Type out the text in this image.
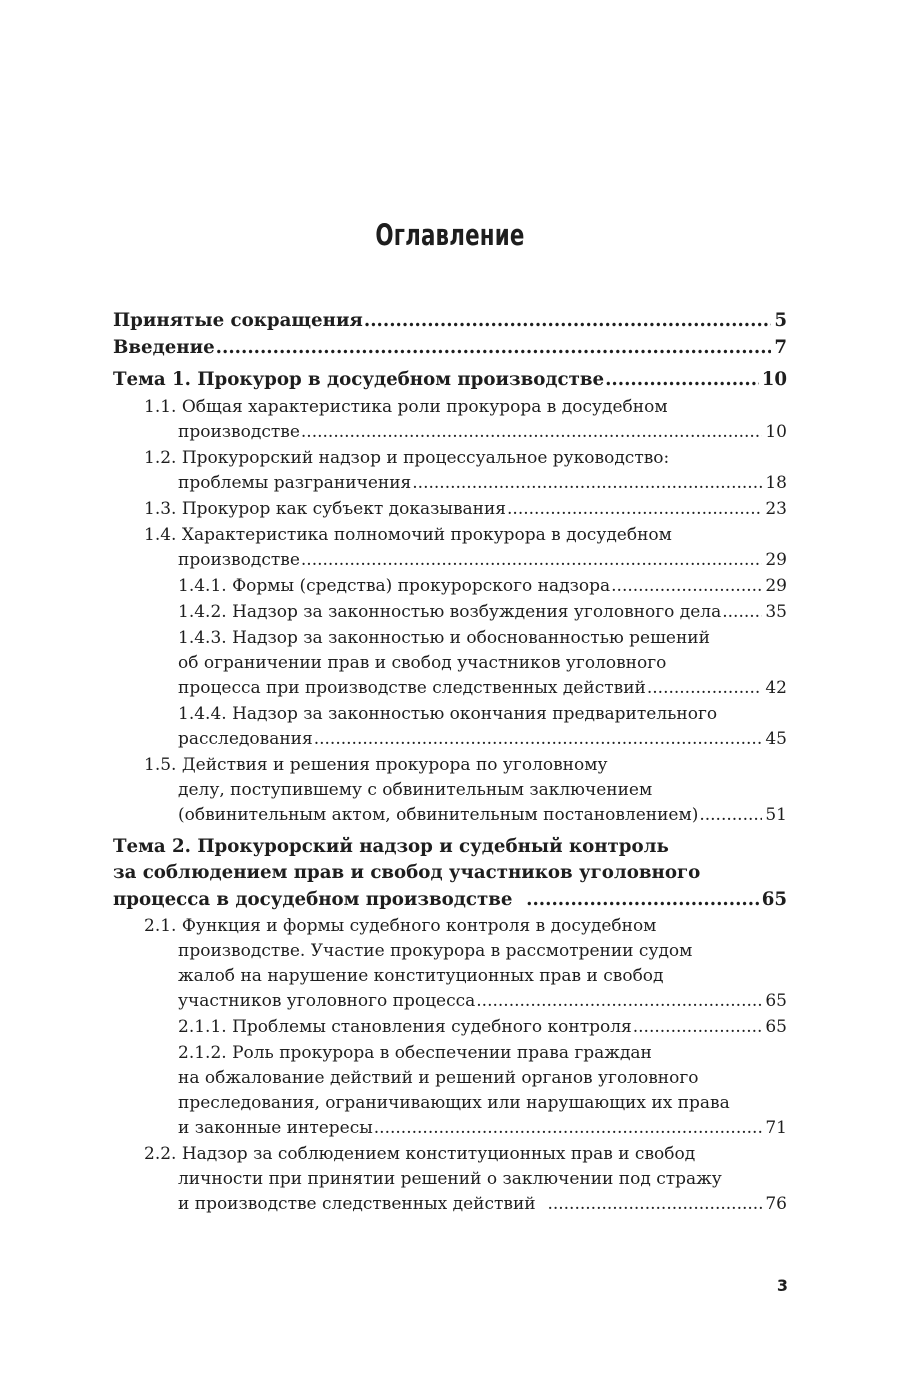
Оглавление
Принятые сокращения .....	5
Введение .....	7
Тема 1. Прокурор в досудебном производстве .....	10
1.1. Общая характеристика роли прокурора в досудебном
производстве .....	10
1.2. Прокурорский надзор и процессуальное руководство:
проблемы разграничения .....	18
1.3. Прокурор как субъект доказывания .....	23
1.4. Характеристика полномочий прокурора в досудебном
производстве .....	29
1.4.1. Формы (средства) прокурорского надзора .....	29
1.4.2. Надзор за законностью возбуждения уголовного дела .....	35
1.4.3. Надзор за законностью и обоснованностью решений
об ограничении прав и свобод участников уголовного
процесса при производстве следственных действий .....	42
1.4.4. Надзор за законностью окончания предварительного
расследования .....	45
1.5. Действия и решения прокурора по уголовному
делу, поступившему с обвинительным заключением
(обвинительным актом, обвинительным постановлением) .....	51
Тема 2. Прокурорский надзор и судебный контроль
за соблюдением прав и свобод участников уголовного
процесса в досудебном производстве .....	65
2.1. Функция и формы судебного контроля в досудебном
производстве. Участие прокурора в рассмотрении судом
жалоб на нарушение конституционных прав и свобод
участников уголовного процесса .....	65
2.1.1. Проблемы становления судебного контроля .....	65
2.1.2. Роль прокурора в обеспечении права граждан
на обжалование действий и решений органов уголовного
преследования, ограничивающих или нарушающих их права
и законные интересы .....	71
2.2. Надзор за соблюдением конституционных прав и свобод
личности при принятии решений о заключении под стражу
и производстве следственных действий .....	76
3
